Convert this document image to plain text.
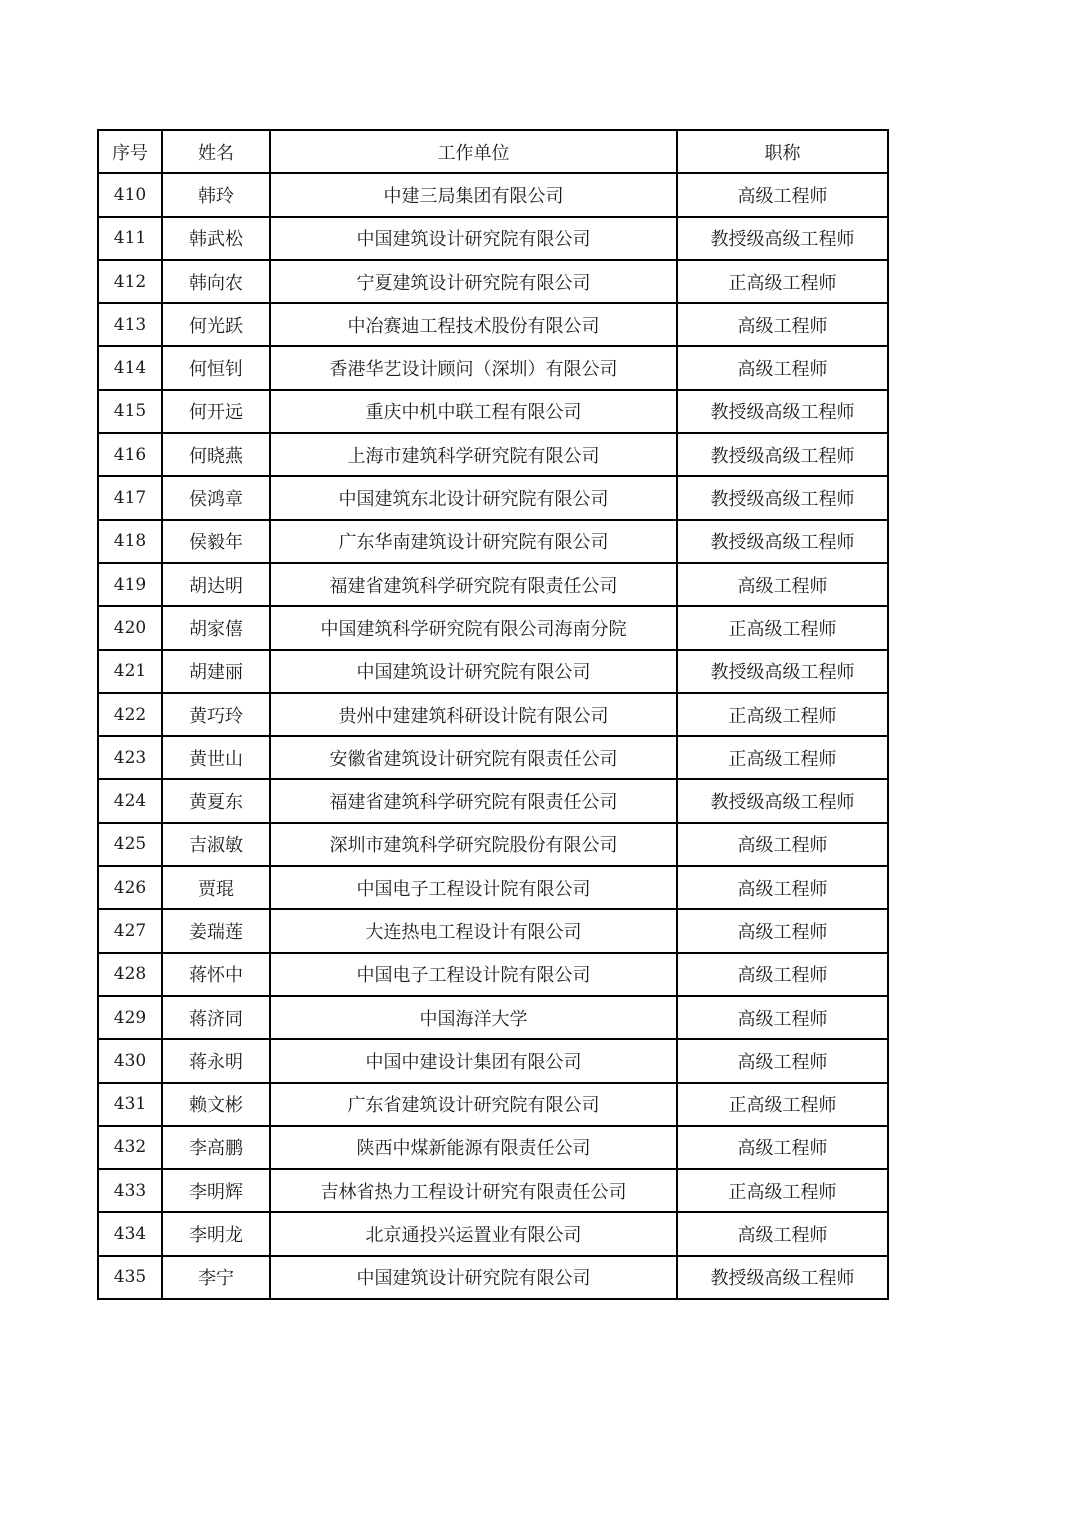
序号	姓名	工作单位	职称
410	韩玲	中建三局集团有限公司	高级工程师
411	韩武松	中国建筑设计研究院有限公司	教授级高级工程师
412	韩向农	宁夏建筑设计研究院有限公司	正高级工程师
413	何光跃	中冶赛迪工程技术股份有限公司	高级工程师
414	何恒钊	香港华艺设计顾问（深圳）有限公司	高级工程师
415	何开远	重庆中机中联工程有限公司	教授级高级工程师
416	何晓燕	上海市建筑科学研究院有限公司	教授级高级工程师
417	侯鸿章	中国建筑东北设计研究院有限公司	教授级高级工程师
418	侯毅年	广东华南建筑设计研究院有限公司	教授级高级工程师
419	胡达明	福建省建筑科学研究院有限责任公司	高级工程师
420	胡家僖	中国建筑科学研究院有限公司海南分院	正高级工程师
421	胡建丽	中国建筑设计研究院有限公司	教授级高级工程师
422	黄巧玲	贵州中建建筑科研设计院有限公司	正高级工程师
423	黄世山	安徽省建筑设计研究院有限责任公司	正高级工程师
424	黄夏东	福建省建筑科学研究院有限责任公司	教授级高级工程师
425	吉淑敏	深圳市建筑科学研究院股份有限公司	高级工程师
426	贾琨	中国电子工程设计院有限公司	高级工程师
427	姜瑞莲	大连热电工程设计有限公司	高级工程师
428	蒋怀中	中国电子工程设计院有限公司	高级工程师
429	蒋济同	中国海洋大学	高级工程师
430	蒋永明	中国中建设计集团有限公司	高级工程师
431	赖文彬	广东省建筑设计研究院有限公司	正高级工程师
432	李高鹏	陕西中煤新能源有限责任公司	高级工程师
433	李明辉	吉林省热力工程设计研究有限责任公司	正高级工程师
434	李明龙	北京通投兴运置业有限公司	高级工程师
435	李宁	中国建筑设计研究院有限公司	教授级高级工程师
